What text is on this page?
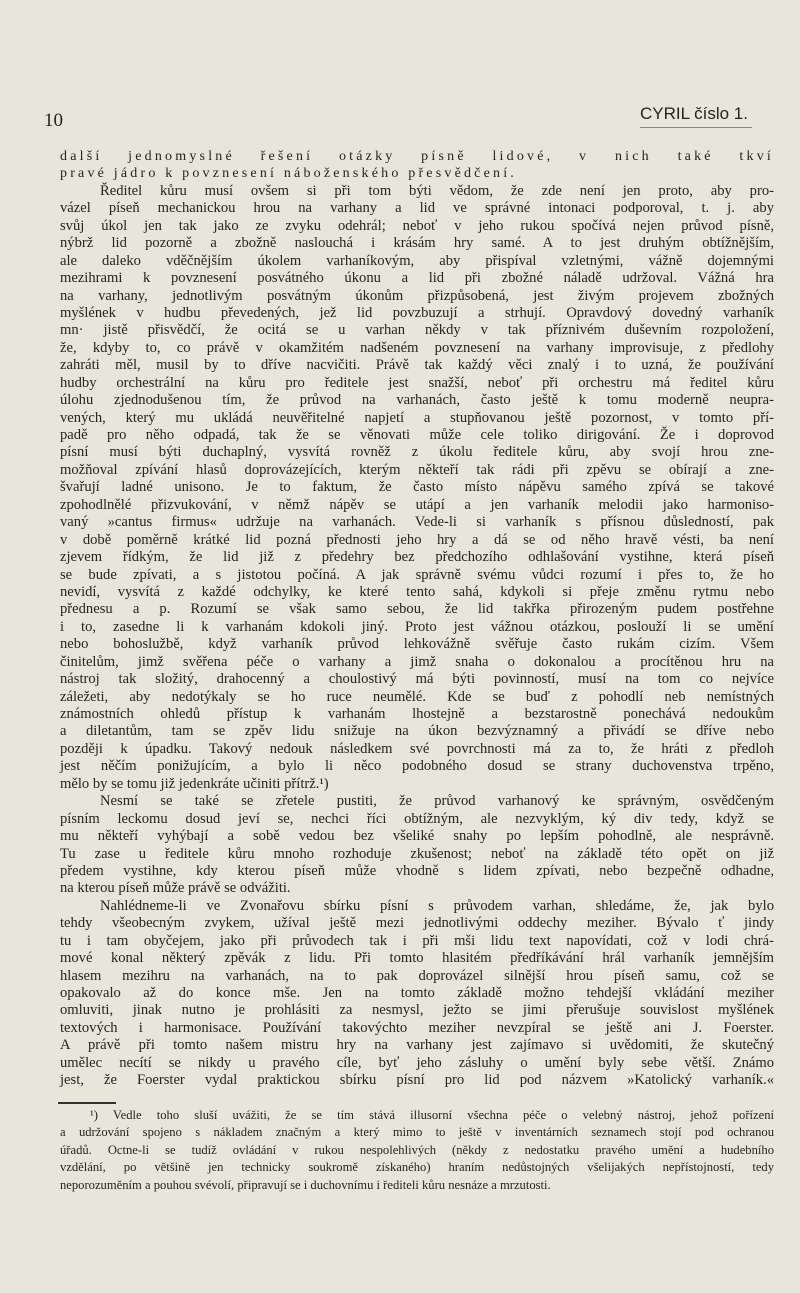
10	CYRIL číslo 1.
další jednomyslné řešení otázky písně lidové, v nich také tkví
pravé jádro k povznesení náboženského přesvědčení.
Ředitel kůru musí ovšem si při tom býti vědom, že zde není jen proto, aby pro-
vázel píseň mechanickou hrou na varhany a lid ve správné intonaci podporoval, t. j. aby
svůj úkol jen tak jako ze zvyku odehrál; neboť v jeho rukou spočívá nejen průvod písně,
nýbrž lid pozorně a zbožně naslouchá i krásám hry samé. A to jest druhým obtížnějším,
ale daleko vděčnějším úkolem varhaníkovým, aby přispíval vzletnými, vážně dojemnými
mezihrami k povznesení posvátného úkonu a lid při zbožné náladě udržoval. Vážná hra
na varhany, jednotlivým posvátným úkonům přizpůsobená, jest živým projevem zbožných
myšlének v hudbu převedených, jež lid povzbuzují a strhují. Opravdový dovedný varhaník
mn· jistě přisvědčí, že ocitá se u varhan někdy v tak příznivém duševním rozpoložení,
že, kdyby to, co právě v okamžitém nadšeném povznesení na varhany improvisuje, z předlohy
zahráti měl, musil by to dříve nacvičiti. Právě tak každý věci znalý i to uzná, že používání
hudby orchestrální na kůru pro ředitele jest snažší, neboť při orchestru má ředitel kůru
úlohu zjednodušenou tím, že průvod na varhanách, často ještě k tomu moderně neupra-
vených, který mu ukládá neuvěřitelné napjetí a stupňovanou ještě pozornost, v tomto pří-
padě pro něho odpadá, tak že se věnovati může cele toliko dirigování. Že i doprovod
písní musí býti duchaplný, vysvítá rovněž z úkolu ředitele kůru, aby svojí hrou zne-
možňoval zpívání hlasů doprovázejících, kterým někteří tak rádi při zpěvu se obírají a zne-
švařují ladné unisono. Je to faktum, že často místo nápěvu samého zpívá se takové
zpohodlnělé přizvukování, v němž nápěv se utápí a jen varhaník melodii jako harmoniso-
vaný »cantus firmus« udržuje na varhanách. Vede-li si varhaník s přísnou důsledností, pak
v době poměrně krátké lid pozná přednosti jeho hry a dá se od něho hravě vésti, ba není
zjevem řídkým, že lid již z předehry bez předchozího odhlašování vystihne, která píseň
se bude zpívati, a s jistotou počíná. A jak správně svému vůdci rozumí i přes to, že ho
nevidí, vysvítá z každé odchylky, ke které tento sahá, kdykoli si přeje změnu rytmu nebo
přednesu a p. Rozumí se však samo sebou, že lid takřka přirozeným pudem postřehne
i to, zasedne li k varhanám kdokoli jiný. Proto jest vážnou otázkou, poslouží li se umění
nebo bohoslužbě, když varhaník průvod lehkovážně svěřuje často rukám cizím. Všem
činitelům, jimž svěřena péče o varhany a jimž snaha o dokonalou a procítěnou hru na
nástroj tak složitý, drahocenný a choulostivý má býti povinností, musí na tom co nejvíce
záležeti, aby nedotýkaly se ho ruce neumělé. Kde se buď z pohodlí neb nemístných
známostních ohledů přístup k varhanám lhostejně a bezstarostně ponechává nedoukům
a diletantům, tam se zpěv lidu snižuje na úkon bezvýznamný a přivádí se dříve nebo
později k úpadku. Takový nedouk následkem své povrchnosti má za to, že hráti z předloh
jest něčím ponižujícím, a bylo li něco podobného dosud se strany duchovenstva trpěno,
mělo by se tomu již jedenkráte učiniti přítrž.¹)
Nesmí se také se zřetele pustiti, že průvod varhanový ke správným, osvědčeným
písním leckomu dosud jeví se, nechci říci obtížným, ale nezvyklým, ký div tedy, když se
mu někteří vyhýbají a sobě vedou bez všeliké snahy po lepším pohodlně, ale nesprávně.
Tu zase u ředitele kůru mnoho rozhoduje zkušenost; neboť na základě této opět on již
předem vystihne, kdy kterou píseň může vhodně s lidem zpívati, nebo bezpečně odhadne,
na kterou píseň může právě se odvážiti.
Nahlédneme-li ve Zvonařovu sbírku písní s průvodem varhan, shledáme, že, jak bylo
tehdy všeobecným zvykem, užíval ještě mezi jednotlivými oddechy meziher. Bývalo ť jindy
tu i tam obyčejem, jako při průvodech tak i při mši lidu text napovídati, což v lodi chrá-
mové konal některý zpěvák z lidu. Při tomto hlasitém předříkávání hrál varhaník jemnějším
hlasem mezihru na varhanách, na to pak doprovázel silnější hrou píseň samu, což se
opakovalo až do konce mše. Jen na tomto základě možno tehdejší vkládání meziher
omluviti, jinak nutno je prohlásiti za nesmysl, ježto se jimi přerušuje souvislost myšlének
textových i harmonisace. Používání takovýchto meziher nevzpíral se ještě ani J. Foerster.
A právě při tomto našem mistru hry na varhany jest zajímavo si uvědomiti, že skutečný
umělec necítí se nikdy u pravého cíle, byť jeho zásluhy o umění byly sebe větší. Známo
jest, že Foerster vydal praktickou sbírku písní pro lid pod názvem »Katolický varhaník.«
¹) Vedle toho sluší uvážiti, že se tím stává illusorní všechna péče o velebný nástroj, jehož pořízení
a udržování spojeno s nákladem značným a který mimo to ještě v inventárních seznamech stojí pod ochranou
úřadů. Octne-li se tudíž ovládání v rukou nespolehlivých (někdy z nedostatku pravého umění a hudebního
vzdělání, po většině jen technicky soukromě získaného) hraním nedůstojných všelijakých nepřístojností, tedy
neporozuměním a pouhou svévolí, připravují se i duchovnímu i řediteli kůru nesnáze a mrzutosti.
